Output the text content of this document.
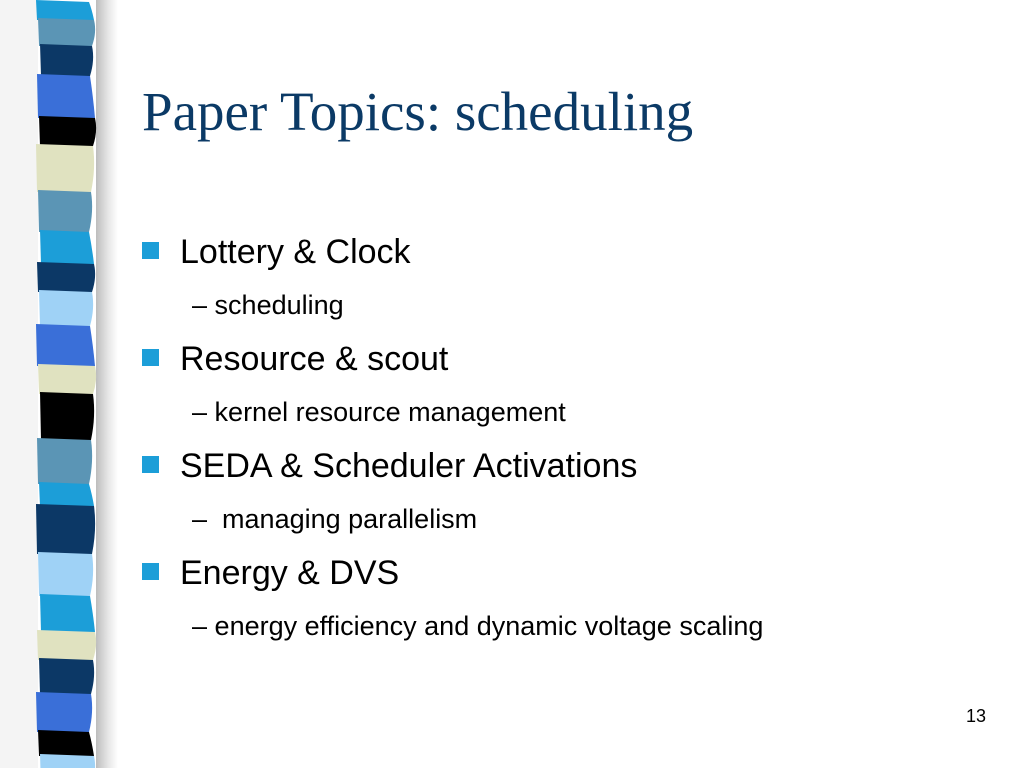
Paper Topics: scheduling
Lottery & Clock
– scheduling
Resource & scout
– kernel resource management
SEDA & Scheduler Activations
–  managing parallelism
Energy & DVS
– energy efficiency and dynamic voltage scaling
13
